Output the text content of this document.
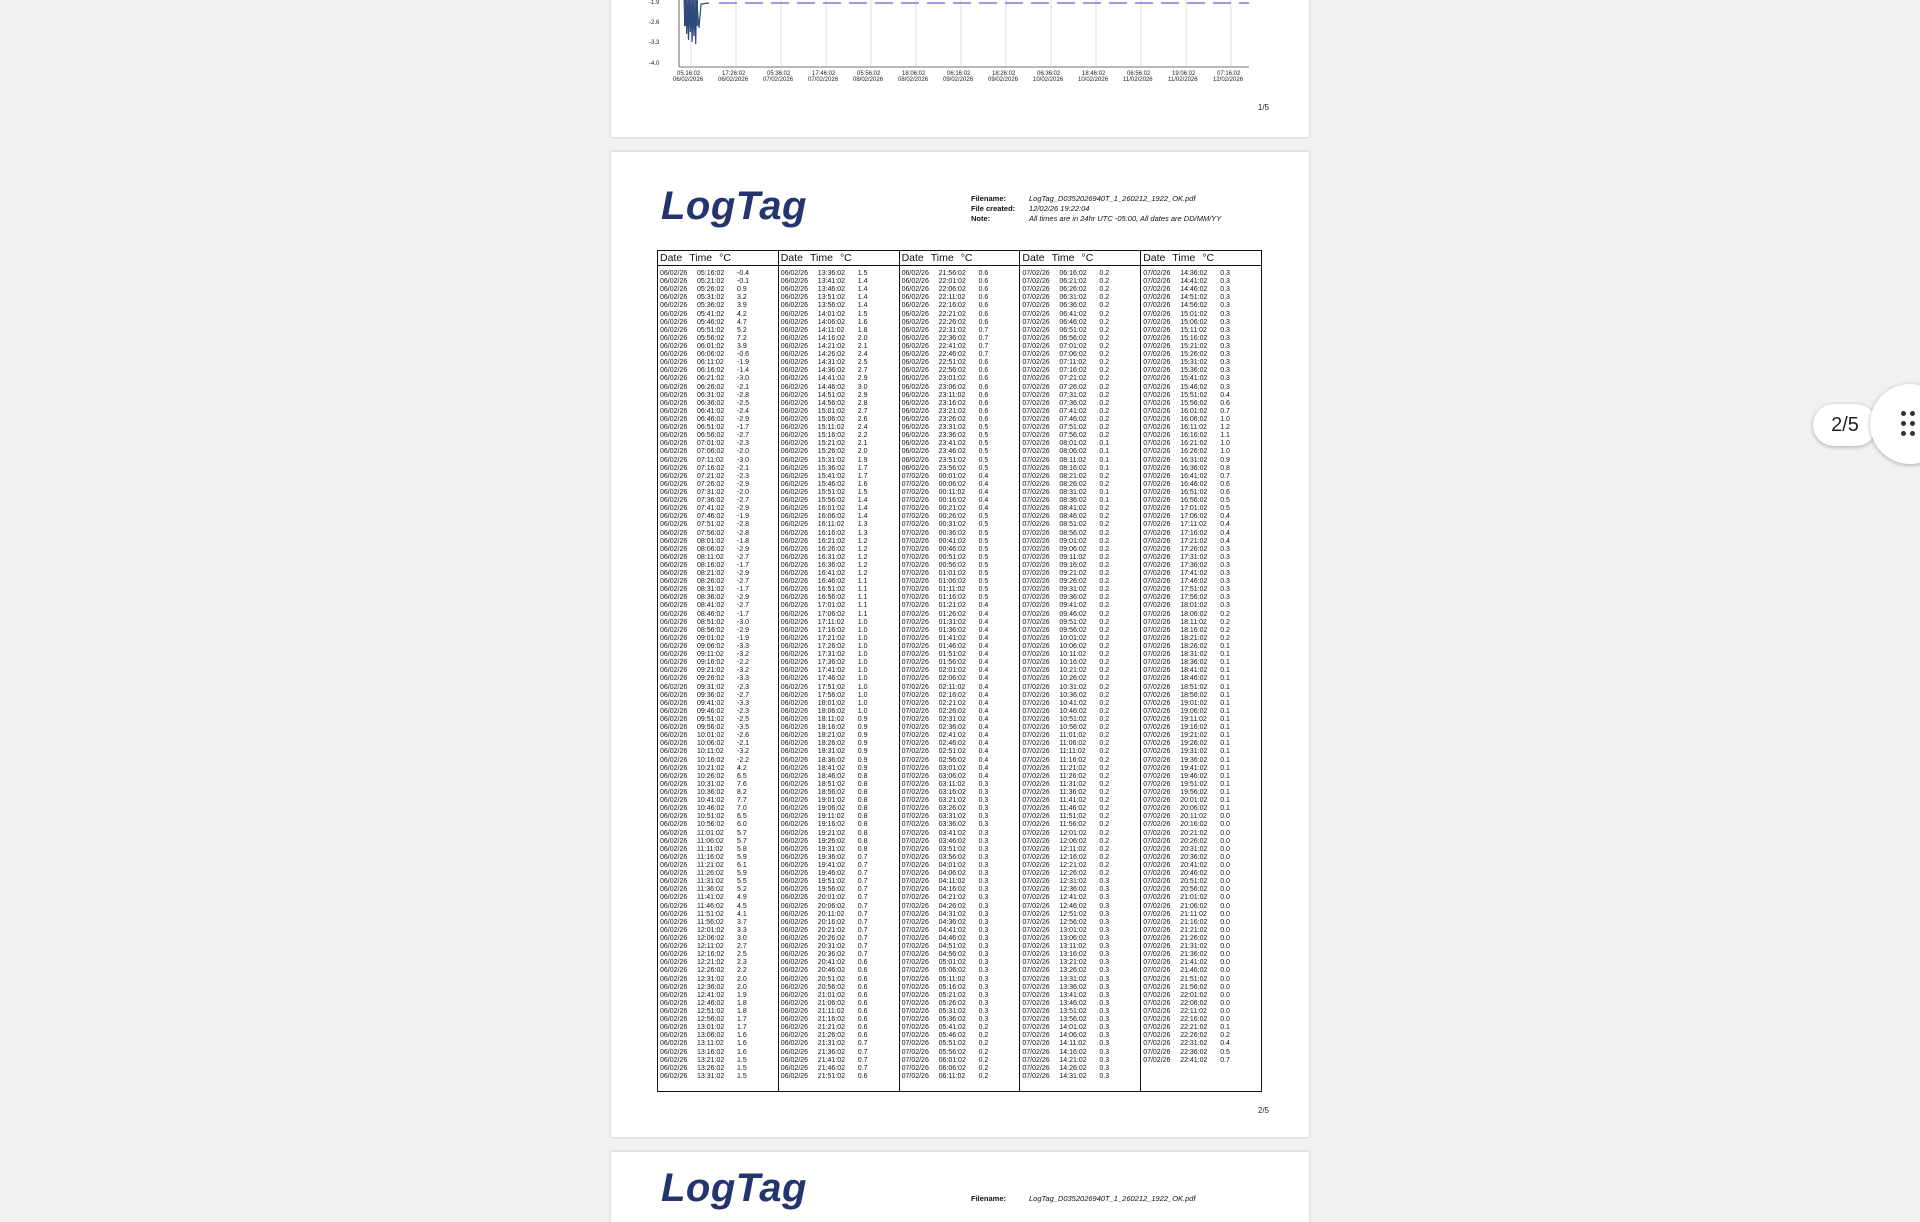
-1.9
-2.6
-3.3
-4.0
05:16:02
06/02/2026
17:26:02
06/02/2026
05:36:02
07/02/2026
17:46:02
07/02/2026
05:56:02
08/02/2026
18:06:02
08/02/2026
06:16:02
09/02/2026
18:26:02
09/02/2026
06:36:02
10/02/2026
18:46:02
10/02/2026
06:56:02
11/02/2026
19:06:02
11/02/2026
07:16:02
12/02/2026
1/5
LogTag	Filename:	LogTag_D0352026940T_1_260212_1922_OK.pdf
File created:	12/02/26 19:22:04
Note:	All times are in 24hr UTC -05:00, All dates are DD/MM/YY
Date Time °C
06/02/26 05:16:02 -0.4
06/02/26 05:21:02 -0.1
06/02/26 05:26:02 0.9
06/02/26 05:31:02 3.2
06/02/26 05:36:02 3.9
06/02/26 05:41:02 4.2
06/02/26 05:46:02 4.7
06/02/26 05:51:02 5.2
06/02/26 05:56:02 7.2
06/02/26 06:01:02 3.9
06/02/26 06:06:02 -0.6
06/02/26 06:11:02 -1.9
06/02/26 06:16:02 -1.4
06/02/26 06:21:02 -3.0
06/02/26 06:26:02 -2.1
06/02/26 06:31:02 -2.8
06/02/26 06:36:02 -2.5
06/02/26 06:41:02 -2.4
06/02/26 06:46:02 -2.9
06/02/26 06:51:02 -1.7
06/02/26 06:56:02 -2.7
06/02/26 07:01:02 -2.3
06/02/26 07:06:02 -2.0
06/02/26 07:11:02 -3.0
06/02/26 07:16:02 -2.1
06/02/26 07:21:02 -2.3
06/02/26 07:26:02 -2.9
06/02/26 07:31:02 -2.0
06/02/26 07:36:02 -2.7
06/02/26 07:41:02 -2.9
06/02/26 07:46:02 -1.9
06/02/26 07:51:02 -2.8
06/02/26 07:56:02 -2.8
06/02/26 08:01:02 -1.8
06/02/26 08:06:02 -2.9
06/02/26 08:11:02 -2.7
06/02/26 08:16:02 -1.7
06/02/26 08:21:02 -2.9
06/02/26 08:26:02 -2.7
06/02/26 08:31:02 -1.7
06/02/26 08:36:02 -2.9
06/02/26 08:41:02 -2.7
06/02/26 08:46:02 -1.7
06/02/26 08:51:02 -3.0
06/02/26 08:56:02 -2.9
06/02/26 09:01:02 -1.9
06/02/26 09:06:02 -3.3
06/02/26 09:11:02 -3.2
06/02/26 09:16:02 -2.2
06/02/26 09:21:02 -3.2
06/02/26 09:26:02 -3.3
06/02/26 09:31:02 -2.3
06/02/26 09:36:02 -2.7
06/02/26 09:41:02 -3.3
06/02/26 09:46:02 -2.3
06/02/26 09:51:02 -2.5
06/02/26 09:56:02 -3.5
06/02/26 10:01:02 -2.6
06/02/26 10:06:02 -2.1
06/02/26 10:11:02 -3.2
06/02/26 10:16:02 -2.2
06/02/26 10:21:02 4.2
06/02/26 10:26:02 6.5
06/02/26 10:31:02 7.6
06/02/26 10:36:02 8.2
06/02/26 10:41:02 7.7
06/02/26 10:46:02 7.0
06/02/26 10:51:02 6.5
06/02/26 10:56:02 6.0
06/02/26 11:01:02 5.7
06/02/26 11:06:02 5.7
06/02/26 11:11:02 5.8
06/02/26 11:16:02 5.9
06/02/26 11:21:02 6.1
06/02/26 11:26:02 5.9
06/02/26 11:31:02 5.5
06/02/26 11:36:02 5.2
06/02/26 11:41:02 4.9
06/02/26 11:46:02 4.5
06/02/26 11:51:02 4.1
06/02/26 11:56:02 3.7
06/02/26 12:01:02 3.3
06/02/26 12:06:02 3.0
06/02/26 12:11:02 2.7
06/02/26 12:16:02 2.5
06/02/26 12:21:02 2.3
06/02/26 12:26:02 2.2
06/02/26 12:31:02 2.0
06/02/26 12:36:02 2.0
06/02/26 12:41:02 1.9
06/02/26 12:46:02 1.8
06/02/26 12:51:02 1.8
06/02/26 12:56:02 1.7
06/02/26 13:01:02 1.7
06/02/26 13:06:02 1.6
06/02/26 13:11:02 1.6
06/02/26 13:16:02 1.6
06/02/26 13:21:02 1.5
06/02/26 13:26:02 1.5
06/02/26 13:31:02 1.5
Date Time °C
06/02/26 13:36:02 1.5
06/02/26 13:41:02 1.4
06/02/26 13:46:02 1.4
06/02/26 13:51:02 1.4
06/02/26 13:56:02 1.4
06/02/26 14:01:02 1.5
06/02/26 14:06:02 1.6
06/02/26 14:11:02 1.8
06/02/26 14:16:02 2.0
06/02/26 14:21:02 2.1
06/02/26 14:26:02 2.4
06/02/26 14:31:02 2.5
06/02/26 14:36:02 2.7
06/02/26 14:41:02 2.9
06/02/26 14:46:02 3.0
06/02/26 14:51:02 2.9
06/02/26 14:56:02 2.8
06/02/26 15:01:02 2.7
06/02/26 15:06:02 2.6
06/02/26 15:11:02 2.4
06/02/26 15:16:02 2.2
06/02/26 15:21:02 2.1
06/02/26 15:26:02 2.0
06/02/26 15:31:02 1.9
06/02/26 15:36:02 1.7
06/02/26 15:41:02 1.7
06/02/26 15:46:02 1.6
06/02/26 15:51:02 1.5
06/02/26 15:56:02 1.4
06/02/26 16:01:02 1.4
06/02/26 16:06:02 1.4
06/02/26 16:11:02 1.3
06/02/26 16:16:02 1.3
06/02/26 16:21:02 1.2
06/02/26 16:26:02 1.2
06/02/26 16:31:02 1.2
06/02/26 16:36:02 1.2
06/02/26 16:41:02 1.2
06/02/26 16:46:02 1.1
06/02/26 16:51:02 1.1
06/02/26 16:56:02 1.1
06/02/26 17:01:02 1.1
06/02/26 17:06:02 1.1
06/02/26 17:11:02 1.0
06/02/26 17:16:02 1.0
06/02/26 17:21:02 1.0
06/02/26 17:26:02 1.0
06/02/26 17:31:02 1.0
06/02/26 17:36:02 1.0
06/02/26 17:41:02 1.0
06/02/26 17:46:02 1.0
06/02/26 17:51:02 1.0
06/02/26 17:56:02 1.0
06/02/26 18:01:02 1.0
06/02/26 18:06:02 1.0
06/02/26 18:11:02 0.9
06/02/26 18:16:02 0.9
06/02/26 18:21:02 0.9
06/02/26 18:26:02 0.9
06/02/26 18:31:02 0.9
06/02/26 18:36:02 0.9
06/02/26 18:41:02 0.9
06/02/26 18:46:02 0.8
06/02/26 18:51:02 0.8
06/02/26 18:56:02 0.8
06/02/26 19:01:02 0.8
06/02/26 19:06:02 0.8
06/02/26 19:11:02 0.8
06/02/26 19:16:02 0.8
06/02/26 19:21:02 0.8
06/02/26 19:26:02 0.8
06/02/26 19:31:02 0.8
06/02/26 19:36:02 0.7
06/02/26 19:41:02 0.7
06/02/26 19:46:02 0.7
06/02/26 19:51:02 0.7
06/02/26 19:56:02 0.7
06/02/26 20:01:02 0.7
06/02/26 20:06:02 0.7
06/02/26 20:11:02 0.7
06/02/26 20:16:02 0.7
06/02/26 20:21:02 0.7
06/02/26 20:26:02 0.7
06/02/26 20:31:02 0.7
06/02/26 20:36:02 0.7
06/02/26 20:41:02 0.6
06/02/26 20:46:02 0.6
06/02/26 20:51:02 0.6
06/02/26 20:56:02 0.6
06/02/26 21:01:02 0.6
06/02/26 21:06:02 0.6
06/02/26 21:11:02 0.6
06/02/26 21:16:02 0.6
06/02/26 21:21:02 0.6
06/02/26 21:26:02 0.6
06/02/26 21:31:02 0.7
06/02/26 21:36:02 0.7
06/02/26 21:41:02 0.7
06/02/26 21:46:02 0.7
06/02/26 21:51:02 0.6
Date Time °C
06/02/26 21:56:02 0.6
06/02/26 22:01:02 0.6
06/02/26 22:06:02 0.6
06/02/26 22:11:02 0.6
06/02/26 22:16:02 0.6
06/02/26 22:21:02 0.6
06/02/26 22:26:02 0.6
06/02/26 22:31:02 0.7
06/02/26 22:36:02 0.7
06/02/26 22:41:02 0.7
06/02/26 22:46:02 0.7
06/02/26 22:51:02 0.6
06/02/26 22:56:02 0.6
06/02/26 23:01:02 0.6
06/02/26 23:06:02 0.6
06/02/26 23:11:02 0.6
06/02/26 23:16:02 0.6
06/02/26 23:21:02 0.6
06/02/26 23:26:02 0.6
06/02/26 23:31:02 0.5
06/02/26 23:36:02 0.5
06/02/26 23:41:02 0.5
06/02/26 23:46:02 0.5
06/02/26 23:51:02 0.5
06/02/26 23:56:02 0.5
07/02/26 00:01:02 0.4
07/02/26 00:06:02 0.4
07/02/26 00:11:02 0.4
07/02/26 00:16:02 0.4
07/02/26 00:21:02 0.4
07/02/26 00:26:02 0.5
07/02/26 00:31:02 0.5
07/02/26 00:36:02 0.5
07/02/26 00:41:02 0.5
07/02/26 00:46:02 0.5
07/02/26 00:51:02 0.5
07/02/26 00:56:02 0.5
07/02/26 01:01:02 0.5
07/02/26 01:06:02 0.5
07/02/26 01:11:02 0.5
07/02/26 01:16:02 0.5
07/02/26 01:21:02 0.4
07/02/26 01:26:02 0.4
07/02/26 01:31:02 0.4
07/02/26 01:36:02 0.4
07/02/26 01:41:02 0.4
07/02/26 01:46:02 0.4
07/02/26 01:51:02 0.4
07/02/26 01:56:02 0.4
07/02/26 02:01:02 0.4
07/02/26 02:06:02 0.4
07/02/26 02:11:02 0.4
07/02/26 02:16:02 0.4
07/02/26 02:21:02 0.4
07/02/26 02:26:02 0.4
07/02/26 02:31:02 0.4
07/02/26 02:36:02 0.4
07/02/26 02:41:02 0.4
07/02/26 02:46:02 0.4
07/02/26 02:51:02 0.4
07/02/26 02:56:02 0.4
07/02/26 03:01:02 0.4
07/02/26 03:06:02 0.4
07/02/26 03:11:02 0.3
07/02/26 03:16:02 0.3
07/02/26 03:21:02 0.3
07/02/26 03:26:02 0.3
07/02/26 03:31:02 0.3
07/02/26 03:36:02 0.3
07/02/26 03:41:02 0.3
07/02/26 03:46:02 0.3
07/02/26 03:51:02 0.3
07/02/26 03:56:02 0.3
07/02/26 04:01:02 0.3
07/02/26 04:06:02 0.3
07/02/26 04:11:02 0.3
07/02/26 04:16:02 0.3
07/02/26 04:21:02 0.3
07/02/26 04:26:02 0.3
07/02/26 04:31:02 0.3
07/02/26 04:36:02 0.3
07/02/26 04:41:02 0.3
07/02/26 04:46:02 0.3
07/02/26 04:51:02 0.3
07/02/26 04:56:02 0.3
07/02/26 05:01:02 0.3
07/02/26 05:06:02 0.3
07/02/26 05:11:02 0.3
07/02/26 05:16:02 0.3
07/02/26 05:21:02 0.3
07/02/26 05:26:02 0.3
07/02/26 05:31:02 0.3
07/02/26 05:36:02 0.3
07/02/26 05:41:02 0.2
07/02/26 05:46:02 0.2
07/02/26 05:51:02 0.2
07/02/26 05:56:02 0.2
07/02/26 06:01:02 0.2
07/02/26 06:06:02 0.2
07/02/26 06:11:02 0.2
Date Time °C
07/02/26 06:16:02 0.2
07/02/26 06:21:02 0.2
07/02/26 06:26:02 0.2
07/02/26 06:31:02 0.2
07/02/26 06:36:02 0.2
07/02/26 06:41:02 0.2
07/02/26 06:46:02 0.2
07/02/26 06:51:02 0.2
07/02/26 06:56:02 0.2
07/02/26 07:01:02 0.2
07/02/26 07:06:02 0.2
07/02/26 07:11:02 0.2
07/02/26 07:16:02 0.2
07/02/26 07:21:02 0.2
07/02/26 07:26:02 0.2
07/02/26 07:31:02 0.2
07/02/26 07:36:02 0.2
07/02/26 07:41:02 0.2
07/02/26 07:46:02 0.2
07/02/26 07:51:02 0.2
07/02/26 07:56:02 0.2
07/02/26 08:01:02 0.1
07/02/26 08:06:02 0.1
07/02/26 08:11:02 0.1
07/02/26 08:16:02 0.1
07/02/26 08:21:02 0.2
07/02/26 08:26:02 0.2
07/02/26 08:31:02 0.1
07/02/26 08:36:02 0.1
07/02/26 08:41:02 0.2
07/02/26 08:46:02 0.2
07/02/26 08:51:02 0.2
07/02/26 08:56:02 0.2
07/02/26 09:01:02 0.2
07/02/26 09:06:02 0.2
07/02/26 09:11:02 0.2
07/02/26 09:16:02 0.2
07/02/26 09:21:02 0.2
07/02/26 09:26:02 0.2
07/02/26 09:31:02 0.2
07/02/26 09:36:02 0.2
07/02/26 09:41:02 0.2
07/02/26 09:46:02 0.2
07/02/26 09:51:02 0.2
07/02/26 09:56:02 0.2
07/02/26 10:01:02 0.2
07/02/26 10:06:02 0.2
07/02/26 10:11:02 0.2
07/02/26 10:16:02 0.2
07/02/26 10:21:02 0.2
07/02/26 10:26:02 0.2
07/02/26 10:31:02 0.2
07/02/26 10:36:02 0.2
07/02/26 10:41:02 0.2
07/02/26 10:46:02 0.2
07/02/26 10:51:02 0.2
07/02/26 10:56:02 0.2
07/02/26 11:01:02 0.2
07/02/26 11:06:02 0.2
07/02/26 11:11:02 0.2
07/02/26 11:16:02 0.2
07/02/26 11:21:02 0.2
07/02/26 11:26:02 0.2
07/02/26 11:31:02 0.2
07/02/26 11:36:02 0.2
07/02/26 11:41:02 0.2
07/02/26 11:46:02 0.2
07/02/26 11:51:02 0.2
07/02/26 11:56:02 0.2
07/02/26 12:01:02 0.2
07/02/26 12:06:02 0.2
07/02/26 12:11:02 0.2
07/02/26 12:16:02 0.2
07/02/26 12:21:02 0.2
07/02/26 12:26:02 0.2
07/02/26 12:31:02 0.3
07/02/26 12:36:02 0.3
07/02/26 12:41:02 0.3
07/02/26 12:46:02 0.3
07/02/26 12:51:02 0.3
07/02/26 12:56:02 0.3
07/02/26 13:01:02 0.3
07/02/26 13:06:02 0.3
07/02/26 13:11:02 0.3
07/02/26 13:16:02 0.3
07/02/26 13:21:02 0.3
07/02/26 13:26:02 0.3
07/02/26 13:31:02 0.3
07/02/26 13:36:02 0.3
07/02/26 13:41:02 0.3
07/02/26 13:46:02 0.3
07/02/26 13:51:02 0.3
07/02/26 13:56:02 0.3
07/02/26 14:01:02 0.3
07/02/26 14:06:02 0.3
07/02/26 14:11:02 0.3
07/02/26 14:16:02 0.3
07/02/26 14:21:02 0.3
07/02/26 14:26:02 0.3
07/02/26 14:31:02 0.3
Date Time °C
07/02/26 14:36:02 0.3
07/02/26 14:41:02 0.3
07/02/26 14:46:02 0.3
07/02/26 14:51:02 0.3
07/02/26 14:56:02 0.3
07/02/26 15:01:02 0.3
07/02/26 15:06:02 0.3
07/02/26 15:11:02 0.3
07/02/26 15:16:02 0.3
07/02/26 15:21:02 0.3
07/02/26 15:26:02 0.3
07/02/26 15:31:02 0.3
07/02/26 15:36:02 0.3
07/02/26 15:41:02 0.3
07/02/26 15:46:02 0.3
07/02/26 15:51:02 0.4
07/02/26 15:56:02 0.6
07/02/26 16:01:02 0.7
07/02/26 16:06:02 1.0
07/02/26 16:11:02 1.2
07/02/26 16:16:02 1.1
07/02/26 16:21:02 1.0
07/02/26 16:26:02 1.0
07/02/26 16:31:02 0.9
07/02/26 16:36:02 0.8
07/02/26 16:41:02 0.7
07/02/26 16:46:02 0.6
07/02/26 16:51:02 0.6
07/02/26 16:56:02 0.5
07/02/26 17:01:02 0.5
07/02/26 17:06:02 0.4
07/02/26 17:11:02 0.4
07/02/26 17:16:02 0.4
07/02/26 17:21:02 0.4
07/02/26 17:26:02 0.3
07/02/26 17:31:02 0.3
07/02/26 17:36:02 0.3
07/02/26 17:41:02 0.3
07/02/26 17:46:02 0.3
07/02/26 17:51:02 0.3
07/02/26 17:56:02 0.3
07/02/26 18:01:02 0.3
07/02/26 18:06:02 0.2
07/02/26 18:11:02 0.2
07/02/26 18:16:02 0.2
07/02/26 18:21:02 0.2
07/02/26 18:26:02 0.1
07/02/26 18:31:02 0.1
07/02/26 18:36:02 0.1
07/02/26 18:41:02 0.1
07/02/26 18:46:02 0.1
07/02/26 18:51:02 0.1
07/02/26 18:56:02 0.1
07/02/26 19:01:02 0.1
07/02/26 19:06:02 0.1
07/02/26 19:11:02 0.1
07/02/26 19:16:02 0.1
07/02/26 19:21:02 0.1
07/02/26 19:26:02 0.1
07/02/26 19:31:02 0.1
07/02/26 19:36:02 0.1
07/02/26 19:41:02 0.1
07/02/26 19:46:02 0.1
07/02/26 19:51:02 0.1
07/02/26 19:56:02 0.1
07/02/26 20:01:02 0.1
07/02/26 20:06:02 0.1
07/02/26 20:11:02 0.0
07/02/26 20:16:02 0.0
07/02/26 20:21:02 0.0
07/02/26 20:26:02 0.0
07/02/26 20:31:02 0.0
07/02/26 20:36:02 0.0
07/02/26 20:41:02 0.0
07/02/26 20:46:02 0.0
07/02/26 20:51:02 0.0
07/02/26 20:56:02 0.0
07/02/26 21:01:02 0.0
07/02/26 21:06:02 0.0
07/02/26 21:11:02 0.0
07/02/26 21:16:02 0.0
07/02/26 21:21:02 0.0
07/02/26 21:26:02 0.0
07/02/26 21:31:02 0.0
07/02/26 21:36:02 0.0
07/02/26 21:41:02 0.0
07/02/26 21:46:02 0.0
07/02/26 21:51:02 0.0
07/02/26 21:56:02 0.0
07/02/26 22:01:02 0.0
07/02/26 22:06:02 0.0
07/02/26 22:11:02 0.0
07/02/26 22:16:02 0.0
07/02/26 22:21:02 0.1
07/02/26 22:26:02 0.2
07/02/26 22:31:02 0.4
07/02/26 22:36:02 0.5
07/02/26 22:41:02 0.7
2/5
LogTag	Filename:	LogTag_D0352026940T_1_260212_1922_OK.pdf
2/5
